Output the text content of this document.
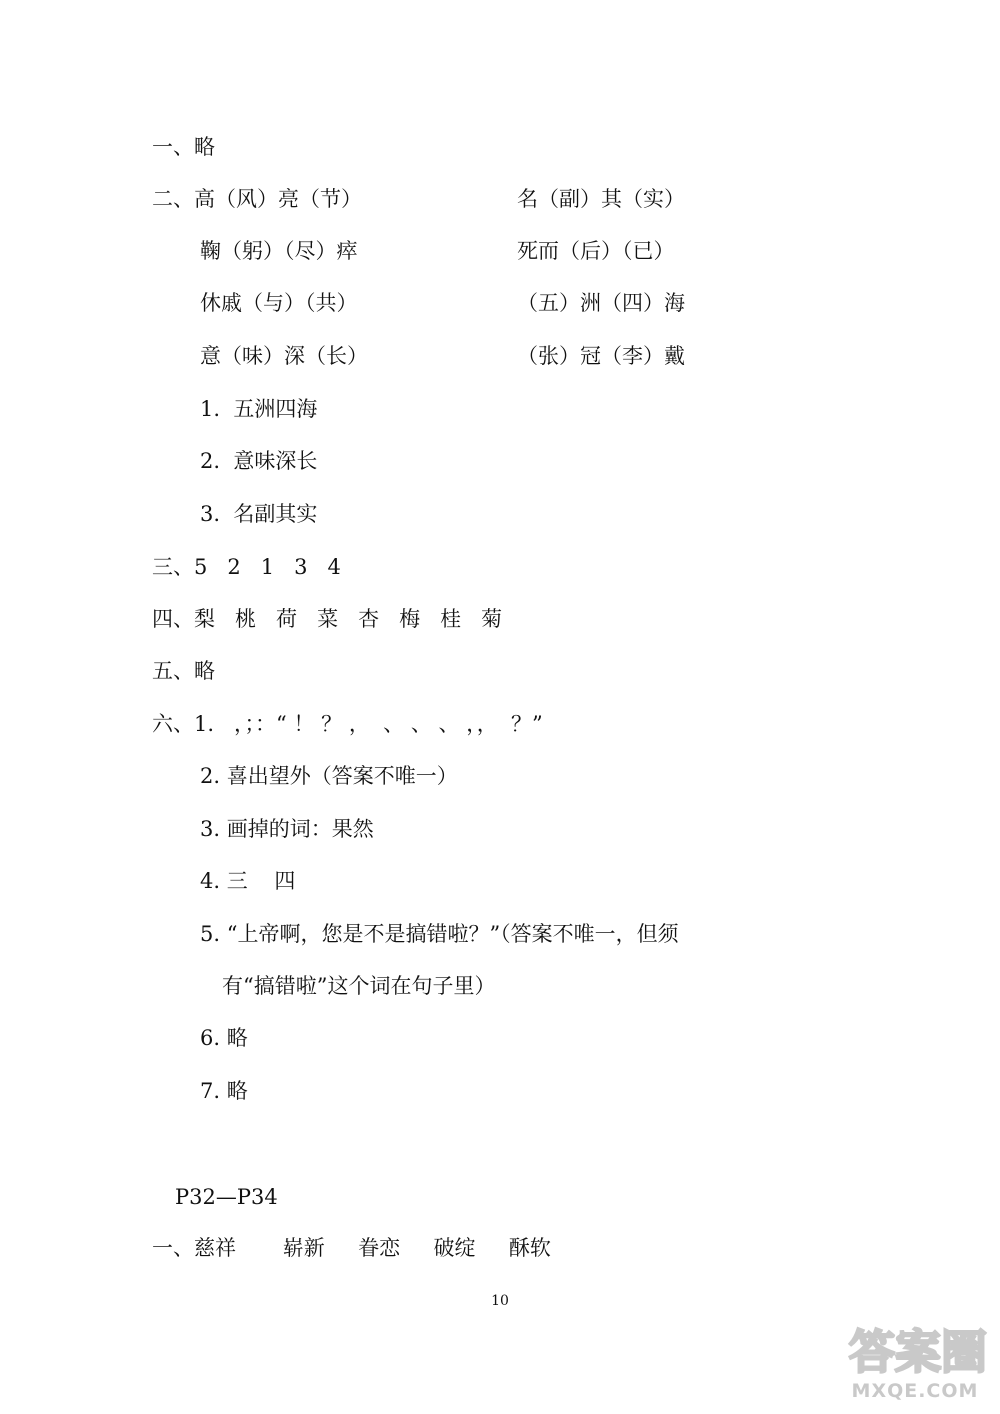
一、略
二、高（风）亮（节）	名（副）其（实）
鞠（躬）（尽）瘁	死而（后）（已）
休戚（与）（共）	（五）洲（四）海
意（味）深（长）	（张）冠（李）戴
1.  五洲四海
2.  意味深长
3.  名副其实
三、5   2   1   3   4
四、梨   桃   荷   菜   杏   梅   桂   菊
五、略
六、1.   ，；：“ ！ ？ ，  、 、 、 ，，  ？”
2. 喜出望外（答案不唯一）
3. 画掉的词：果然
4. 三    四
5. “上帝啊，您是不是搞错啦？”（答案不唯一，但须
有“搞错啦”这个词在句子里）
6. 略
7. 略
P32—P34
一、慈祥       崭新     眷恋     破绽     酥软
10
答案圈
MXQE.COM
